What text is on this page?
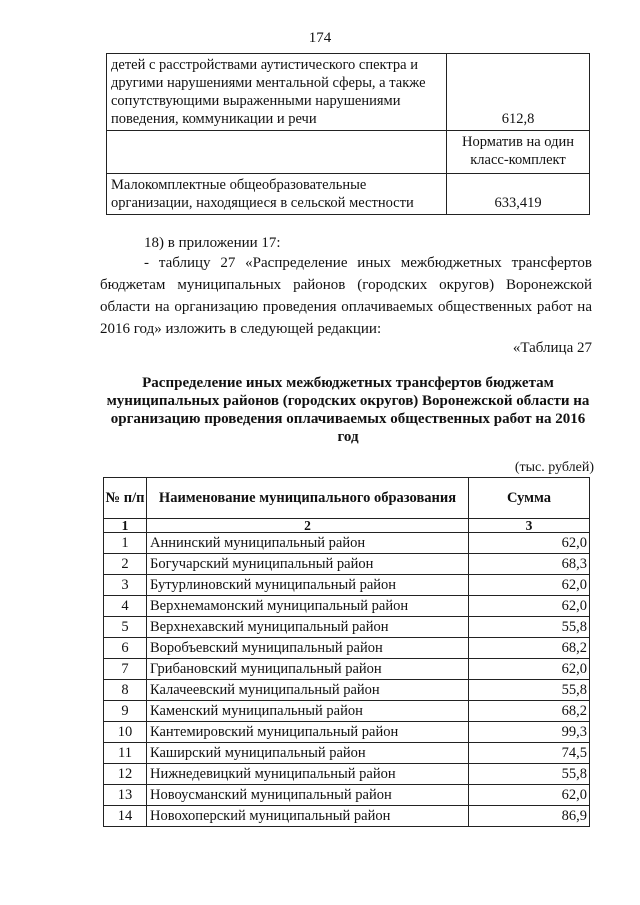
174
детей с расстройствами аутистического спектра и другими нарушениями ментальной сферы, а также сопутствующими выраженными нарушениями поведения, коммуникации и речи	612,8
	Норматив на один класс-комплект
Малокомплектные общеобразовательные организации, находящиеся в сельской местности	633,419
18) в приложении 17:
- таблицу 27 «Распределение иных межбюджетных трансфертов бюджетам муниципальных районов (городских округов) Воронежской области на организацию проведения оплачиваемых общественных работ на 2016 год» изложить в следующей редакции:
«Таблица 27
Распределение иных межбюджетных трансфертов бюджетам муниципальных районов (городских округов) Воронежской области на организацию проведения оплачиваемых общественных работ на 2016 год
(тыс. рублей)
№ п/п	Наименование муниципального образования	Сумма
1	2	3
1	Аннинский муниципальный район	62,0
2	Богучарский муниципальный район	68,3
3	Бутурлиновский муниципальный район	62,0
4	Верхнемамонский муниципальный район	62,0
5	Верхнехавский муниципальный район	55,8
6	Воробъевский муниципальный район	68,2
7	Грибановский муниципальный район	62,0
8	Калачеевский муниципальный район	55,8
9	Каменский муниципальный район	68,2
10	Кантемировский муниципальный район	99,3
11	Каширский муниципальный район	74,5
12	Нижнедевицкий муниципальный район	55,8
13	Новоусманский муниципальный район	62,0
14	Новохоперский муниципальный район	86,9
